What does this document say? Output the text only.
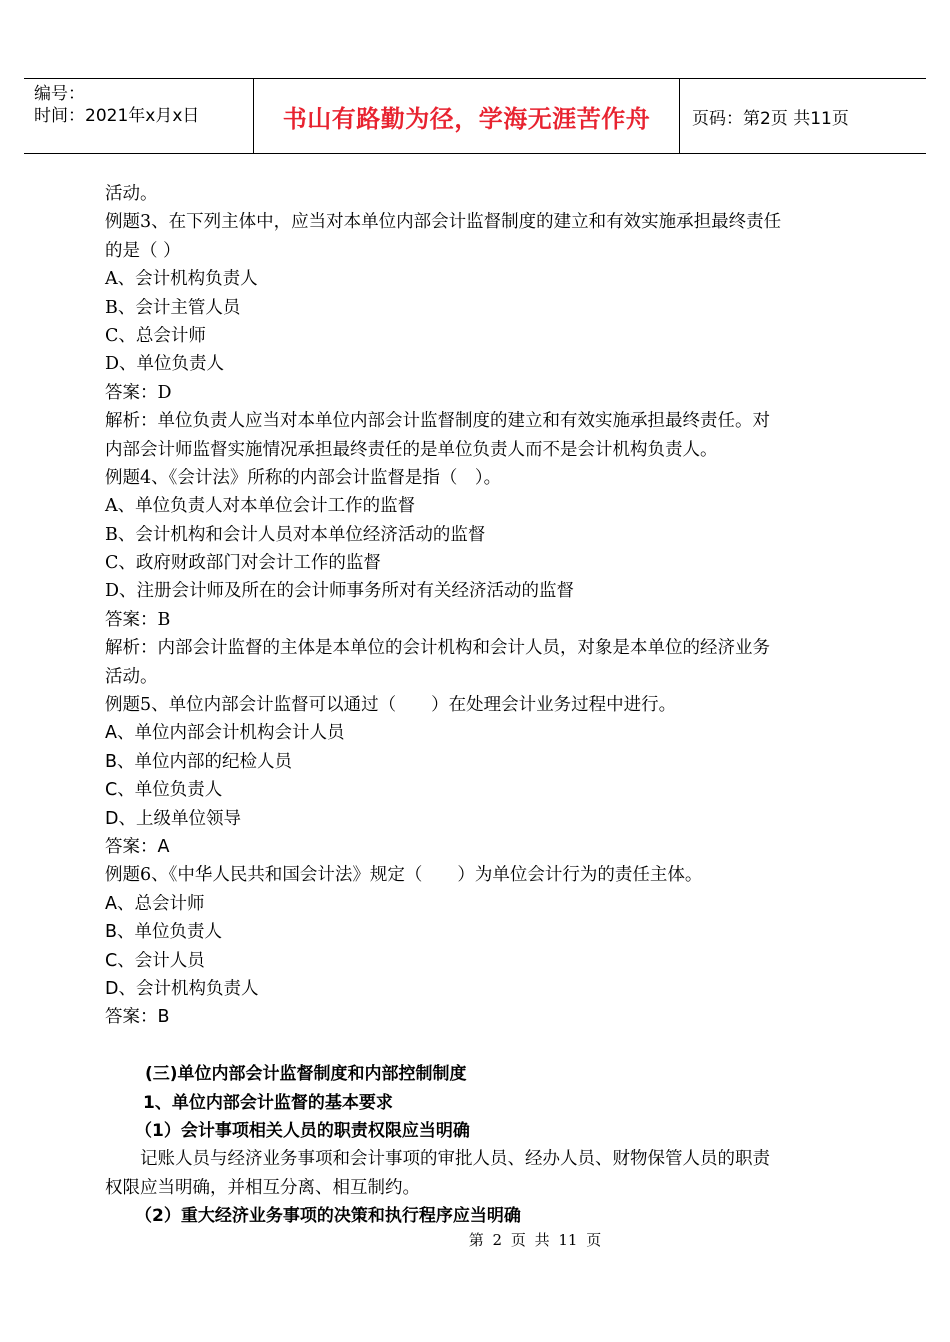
编号：
时间：2021年x月x日	书山有路勤为径，学海无涯苦作舟	页码：第2页 共11页
活动。
例题3、在下列主体中，应当对本单位内部会计监督制度的建立和有效实施承担最终责任
的是（ ）
A、会计机构负责人
B、会计主管人员
C、总会计师
D、单位负责人
答案：D
解析：单位负责人应当对本单位内部会计监督制度的建立和有效实施承担最终责任。对
内部会计师监督实施情况承担最终责任的是单位负责人而不是会计机构负责人。
例题4、《会计法》所称的内部会计监督是指（　）。
A、单位负责人对本单位会计工作的监督
B、会计机构和会计人员对本单位经济活动的监督
C、政府财政部门对会计工作的监督
D、注册会计师及所在的会计师事务所对有关经济活动的监督
答案：B
解析：内部会计监督的主体是本单位的会计机构和会计人员，对象是本单位的经济业务
活动。
例题5、单位内部会计监督可以通过（　　）在处理会计业务过程中进行。
A、单位内部会计机构会计人员
B、单位内部的纪检人员
C、单位负责人
D、上级单位领导
答案：A
例题6、《中华人民共和国会计法》规定（　　）为单位会计行为的责任主体。
A、总会计师
B、单位负责人
C、会计人员
D、会计机构负责人
答案：B
(三)单位内部会计监督制度和内部控制制度
1、单位内部会计监督的基本要求
（1）会计事项相关人员的职责权限应当明确
记账人员与经济业务事项和会计事项的审批人员、经办人员、财物保管人员的职责
权限应当明确，并相互分离、相互制约。
（2）重大经济业务事项的决策和执行程序应当明确
第 2 页 共 11 页
